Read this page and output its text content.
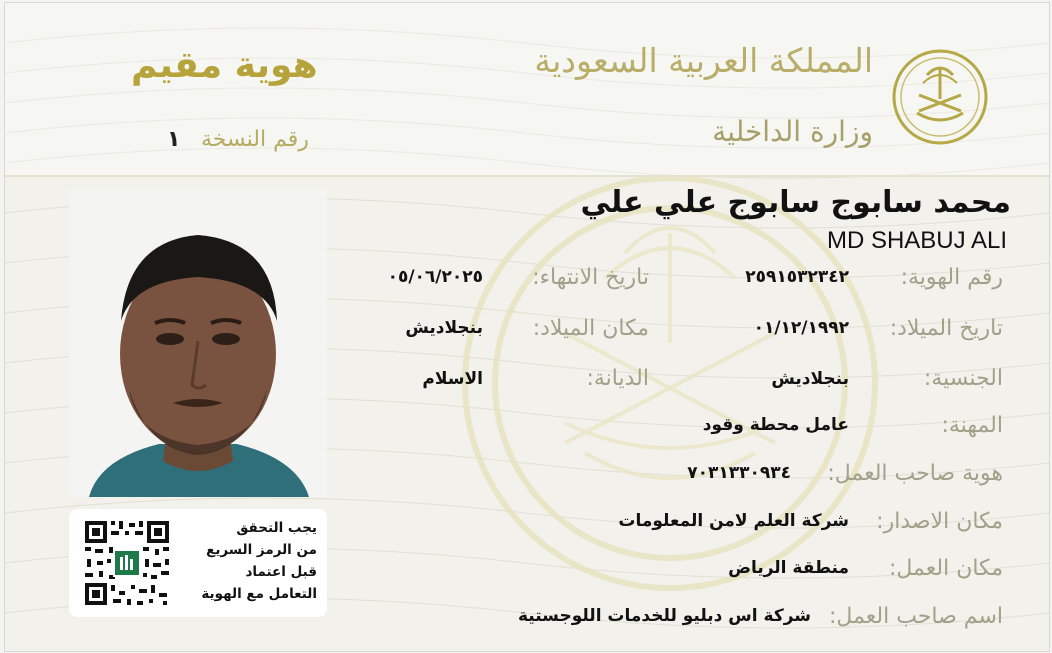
المملكة العربية السعودية
وزارة الداخلية
هوية مقيم
رقم النسخة
١
يجب التحقق
من الرمز السريع
قبل اعتماد
التعامل مع الهوية
محمد سابوج سابوج علي علي
MD SHABUJ ALI
رقم الهوية:
٢٥٩١٥٣٢٣٤٢
تاريخ الميلاد:
٠١/١٢/١٩٩٢
الجنسية:
بنجلاديش
المهنة:
عامل محطة وقود
هوية صاحب العمل:
٧٠٣١٣٣٠٩٣٤
مكان الاصدار:
شركة العلم لامن المعلومات
مكان العمل:
منطقة الرياض
اسم صاحب العمل:
شركة اس دبليو للخدمات اللوجستية
تاريخ الانتهاء:
٠٥/٠٦/٢٠٢٥
مكان الميلاد:
بنجلاديش
الديانة:
الاسلام
